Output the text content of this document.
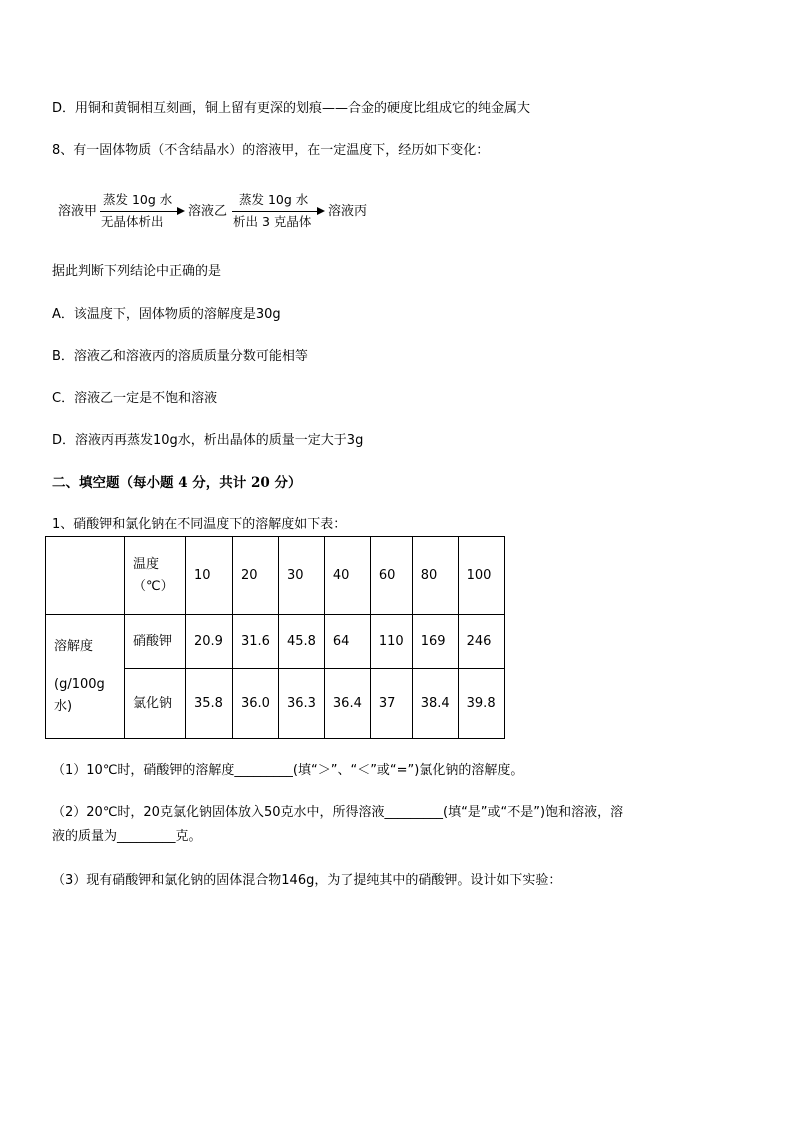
D．用铜和黄铜相互刻画，铜上留有更深的划痕——合金的硬度比组成它的纯金属大
8、有一固体物质（不含结晶水）的溶液甲，在一定温度下，经历如下变化：
溶液甲
蒸发 10g 水
无晶体析出
溶液乙
蒸发 10g 水
析出 3 克晶体
溶液丙
据此判断下列结论中正确的是
A．该温度下，固体物质的溶解度是30g
B．溶液乙和溶液丙的溶质质量分数可能相等
C．溶液乙一定是不饱和溶液
D．溶液丙再蒸发10g水，析出晶体的质量一定大于3g
二、填空题（每小题 4 分，共计 20 分）
1、硝酸钾和氯化钠在不同温度下的溶解度如下表：

	温度
（℃）	10	20	30	40	60	80	100

溶解度
(g/100g
水)	硝酸钾	20.9	31.6	45.8	64	110	169	246
	氯化钠	35.8	36.0	36.3	36.4	37	38.4	39.8
（1）10℃时，硝酸钾的溶解度_________(填“＞”、“＜”或“=”)氯化钠的溶解度。
（2）20℃时，20克氯化钠固体放入50克水中，所得溶液_________(填“是”或“不是”)饱和溶液，溶
液的质量为_________克。
（3）现有硝酸钾和氯化钠的固体混合物146g，为了提纯其中的硝酸钾。设计如下实验：
